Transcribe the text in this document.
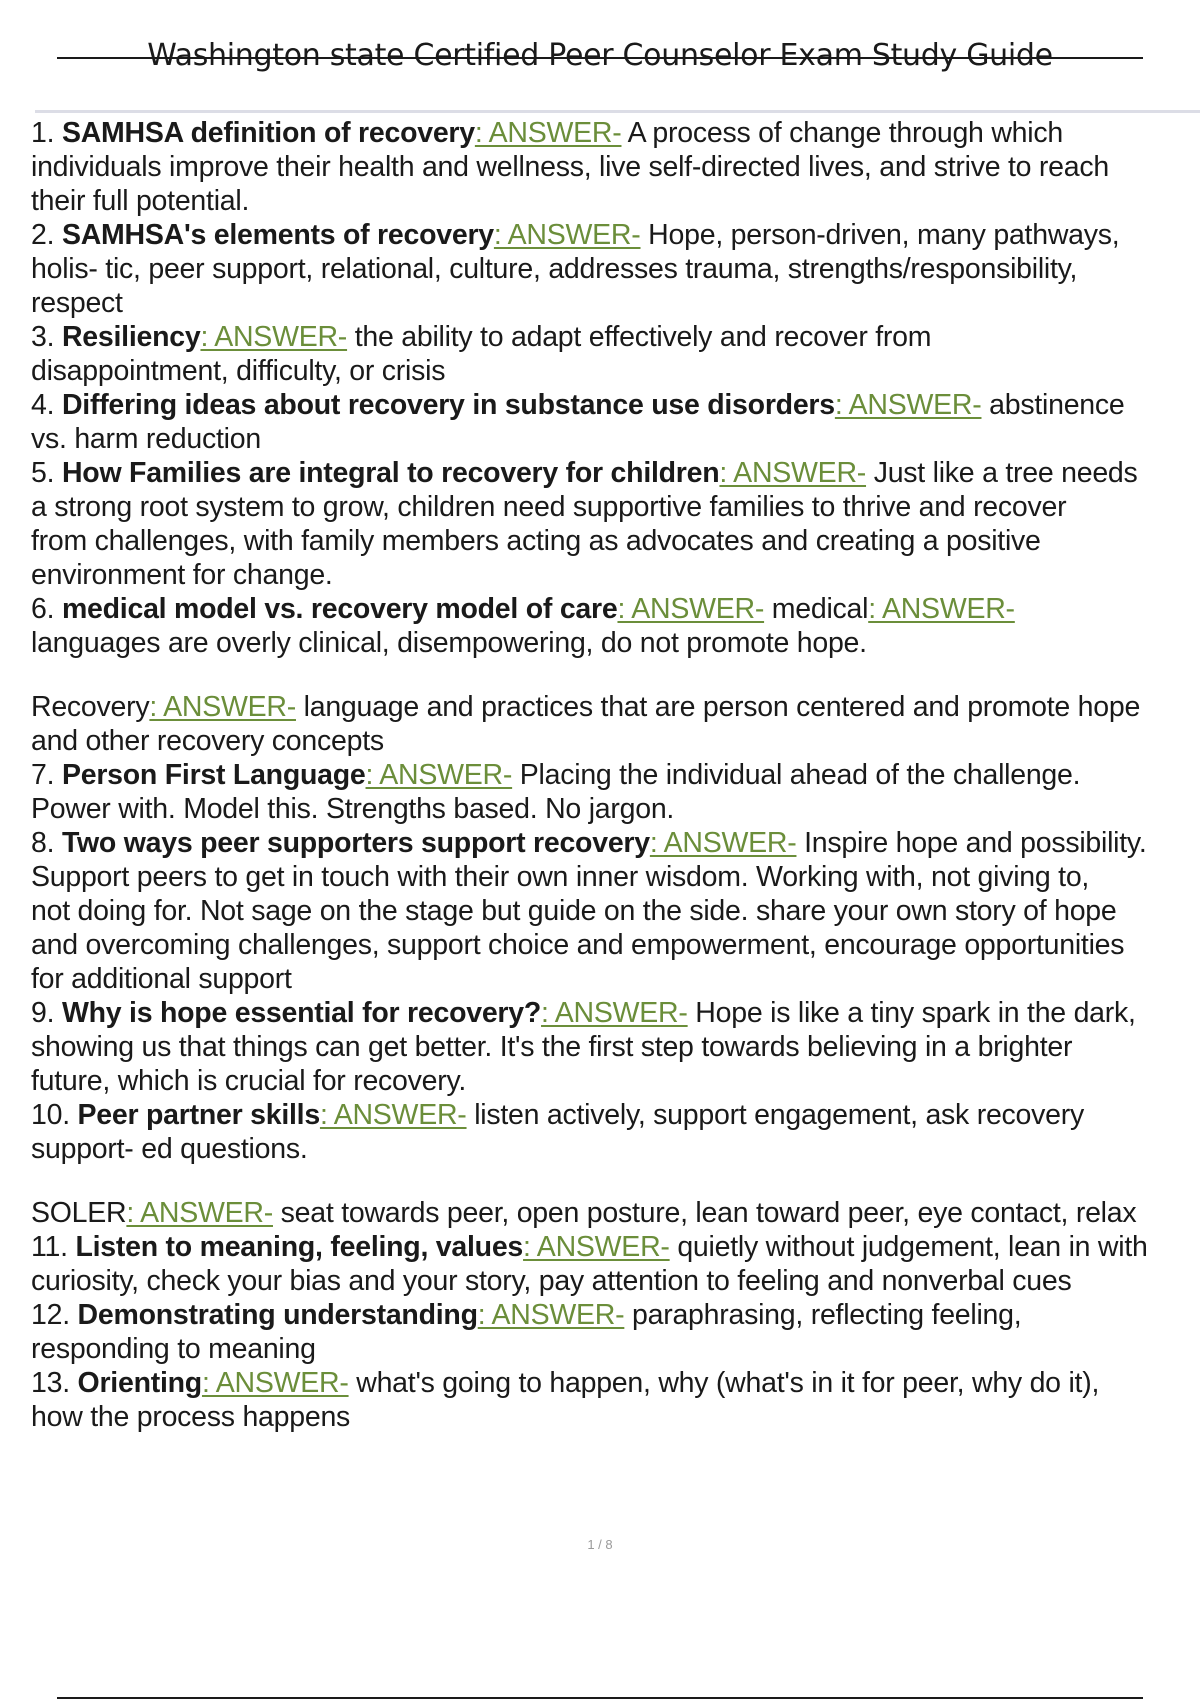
Washington state Certified Peer Counselor Exam Study Guide
1. SAMHSA definition of recovery: ANSWER- A process of change through which
individuals improve their health and wellness, live self-directed lives, and strive to reach
their full potential.
2. SAMHSA's elements of recovery: ANSWER- Hope, person-driven, many pathways,
holis- tic, peer support, relational, culture, addresses trauma, strengths/responsibility,
respect
3. Resiliency: ANSWER- the ability to adapt effectively and recover from
disappointment, difficulty, or crisis
4. Differing ideas about recovery in substance use disorders: ANSWER- abstinence
vs. harm reduction
5. How Families are integral to recovery for children: ANSWER- Just like a tree needs
a strong root system to grow, children need supportive families to thrive and recover
from challenges, with family members acting as advocates and creating a positive
environment for change.
6. medical model vs. recovery model of care: ANSWER- medical: ANSWER-
languages are overly clinical, disempowering, do not promote hope.
Recovery: ANSWER- language and practices that are person centered and promote hope
and other recovery concepts
7. Person First Language: ANSWER- Placing the individual ahead of the challenge.
Power with. Model this. Strengths based. No jargon.
8. Two ways peer supporters support recovery: ANSWER- Inspire hope and possibility.
Support peers to get in touch with their own inner wisdom. Working with, not giving to,
not doing for. Not sage on the stage but guide on the side. share your own story of hope
and overcoming challenges, support choice and empowerment, encourage opportunities
for additional support
9. Why is hope essential for recovery?: ANSWER- Hope is like a tiny spark in the dark,
showing us that things can get better. It's the first step towards believing in a brighter
future, which is crucial for recovery.
10. Peer partner skills: ANSWER- listen actively, support engagement, ask recovery
support- ed questions.
SOLER: ANSWER- seat towards peer, open posture, lean toward peer, eye contact, relax
11. Listen to meaning, feeling, values: ANSWER- quietly without judgement, lean in with
curiosity, check your bias and your story, pay attention to feeling and nonverbal cues
12. Demonstrating understanding: ANSWER- paraphrasing, reflecting feeling,
responding to meaning
13. Orienting: ANSWER- what's going to happen, why (what's in it for peer, why do it),
how the process happens
1 / 8
